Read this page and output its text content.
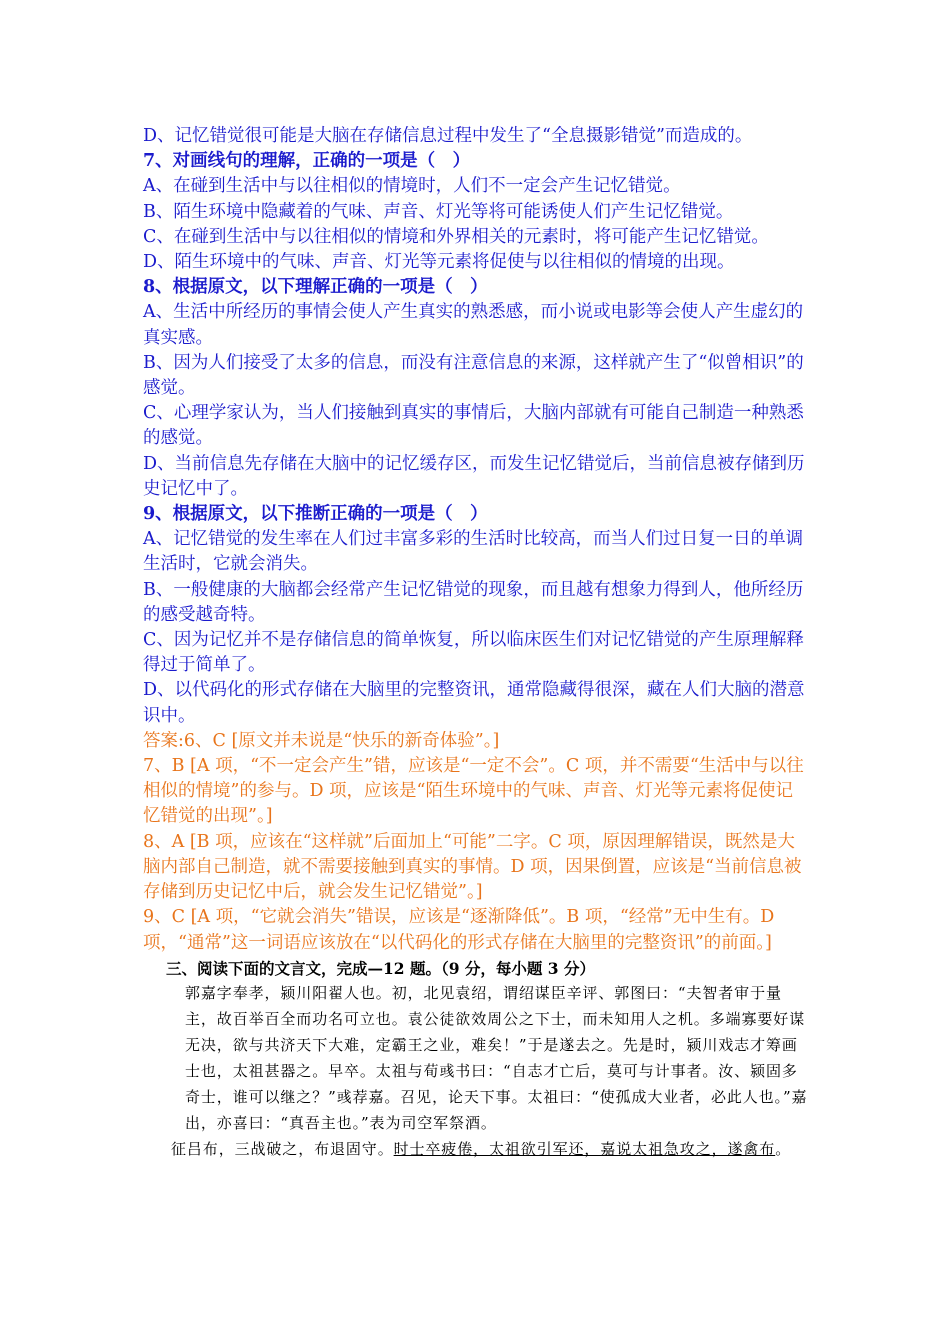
D、记忆错觉很可能是大脑在存储信息过程中发生了“全息摄影错觉”而造成的。
7、对画线句的理解，正确的一项是（　）
A、在碰到生活中与以往相似的情境时，人们不一定会产生记忆错觉。
B、陌生环境中隐藏着的气味、声音、灯光等将可能诱使人们产生记忆错觉。
C、在碰到生活中与以往相似的情境和外界相关的元素时，将可能产生记忆错觉。
D、陌生环境中的气味、声音、灯光等元素将促使与以往相似的情境的出现。
8、根据原文，以下理解正确的一项是（　）
A、生活中所经历的事情会使人产生真实的熟悉感，而小说或电影等会使人产生虚幻的真实感。
B、因为人们接受了太多的信息，而没有注意信息的来源，这样就产生了“似曾相识”的感觉。
C、心理学家认为，当人们接触到真实的事情后，大脑内部就有可能自己制造一种熟悉的感觉。
D、当前信息先存储在大脑中的记忆缓存区，而发生记忆错觉后，当前信息被存储到历史记忆中了。
9、根据原文，以下推断正确的一项是（　）
A、记忆错觉的发生率在人们过丰富多彩的生活时比较高，而当人们过日复一日的单调生活时，它就会消失。
B、一般健康的大脑都会经常产生记忆错觉的现象，而且越有想象力得到人，他所经历的感受越奇特。
C、因为记忆并不是存储信息的简单恢复，所以临床医生们对记忆错觉的产生原理解释得过于简单了。
D、以代码化的形式存储在大脑里的完整资讯，通常隐藏得很深，藏在人们大脑的潜意识中。
答案:6、C [原文并未说是“快乐的新奇体验”。]
7、B [A 项，“不一定会产生”错，应该是“一定不会”。C 项，并不需要“生活中与以往相似的情境”的参与。D 项，应该是“陌生环境中的气味、声音、灯光等元素将促使记忆错觉的出现”。]
8、A [B 项，应该在“这样就”后面加上“可能”二字。C 项，原因理解错误，既然是大脑内部自己制造，就不需要接触到真实的事情。D 项，因果倒置，应该是“当前信息被存储到历史记忆中后，就会发生记忆错觉”。]
9、C [A 项，“它就会消失”错误，应该是“逐渐降低”。B 项，“经常”无中生有。D 项，“通常”这一词语应该放在“以代码化的形式存储在大脑里的完整资讯”的前面。]
三、阅读下面的文言文，完成—12 题。（9 分，每小题 3 分）
郭嘉字奉孝，颍川阳翟人也。初，北见袁绍，谓绍谋臣辛评、郭图曰：“夫智者审于量主，故百举百全而功名可立也。袁公徒欲效周公之下士，而未知用人之机。多端寡要好谋无决，欲与共济天下大难，定霸王之业，难矣！”于是遂去之。先是时，颍川戏志才筹画士也，太祖甚器之。早卒。太祖与荀彧书曰：“自志才亡后，莫可与计事者。汝、颍固多奇士，谁可以继之？”彧荐嘉。召见，论天下事。太祖曰：“使孤成大业者，必此人也。”嘉出，亦喜曰：“真吾主也。”表为司空军祭酒。
征吕布，三战破之，布退固守。时士卒疲倦，太祖欲引军还，嘉说太祖急攻之，遂禽布。
